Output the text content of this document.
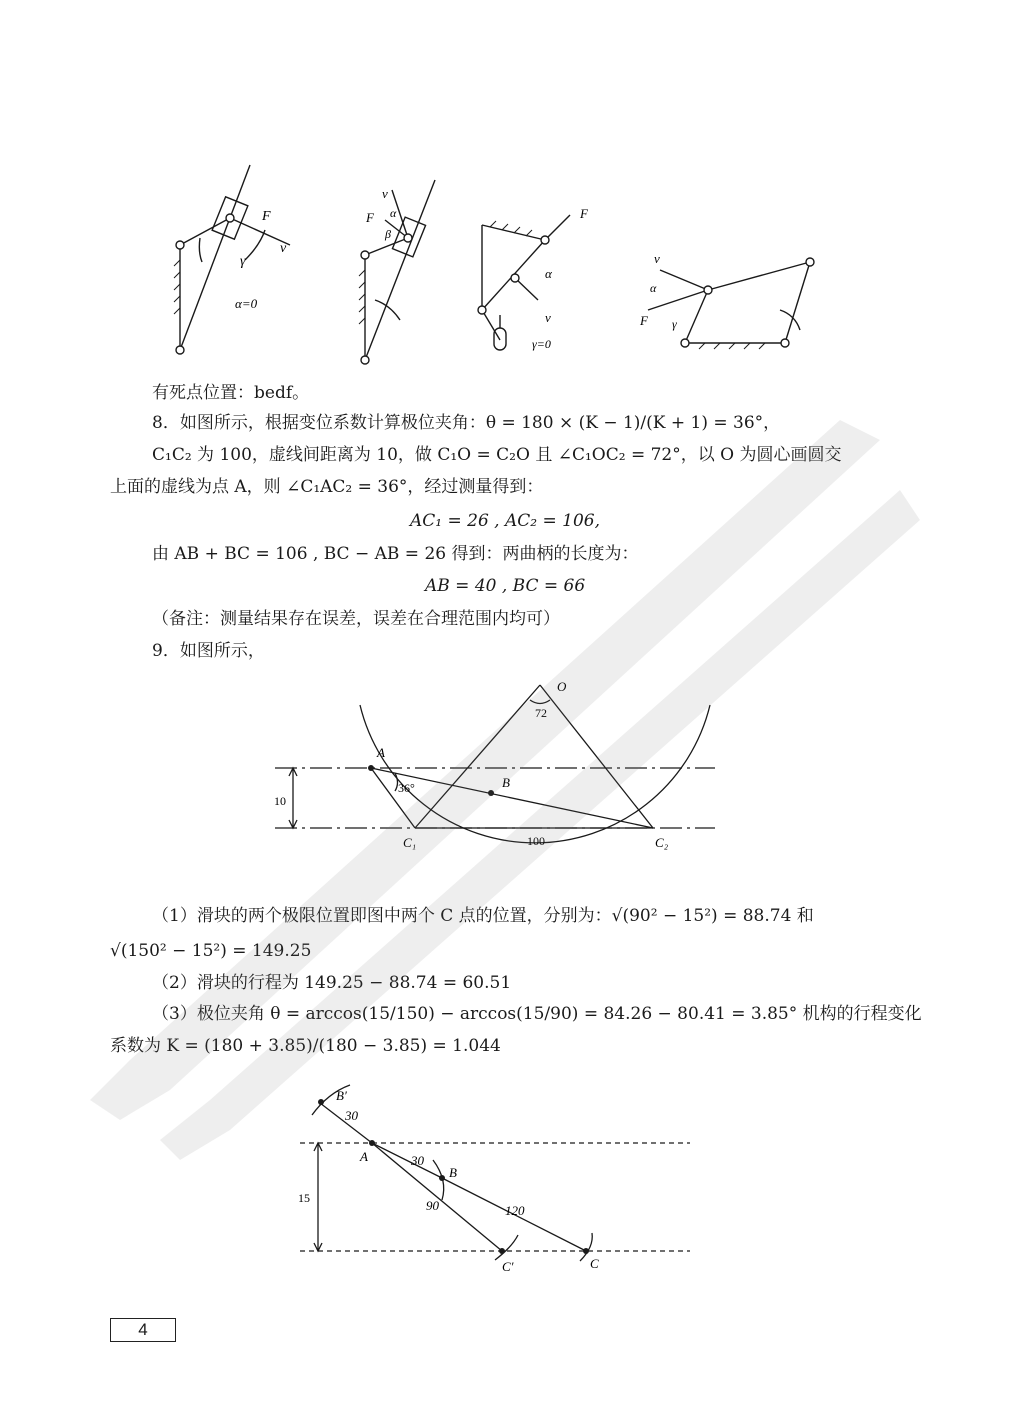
F
v
γ
α=0
v
F α
β
F
α
v
γ=0
v
α
F γ
有死点位置：bedf。
8．如图所示，根据变位系数计算极位夹角：θ = 180 × (K − 1)/(K + 1) = 36°，
C₁C₂ 为 100，虚线间距离为 10，做 C₁O = C₂O 且 ∠C₁OC₂ = 72°，以 O 为圆心画圆交
上面的虚线为点 A，则 ∠C₁AC₂ = 36°，经过测量得到：
AC₁ = 26 , AC₂ = 106,
由 AB + BC = 106 , BC − AB = 26 得到：两曲柄的长度为：
AB = 40 , BC = 66
（备注：测量结果存在误差，误差在合理范围内均可）
9．如图所示，
O
72
A
36°	B
10
C₁	100	C₂
（1）滑块的两个极限位置即图中两个 C 点的位置，分别为：√(90² − 15²) = 88.74 和
√(150² − 15²) = 149.25
（2）滑块的行程为 149.25 − 88.74 = 60.51
（3）极位夹角 θ = arccos(15/150) − arccos(15/90) = 84.26 − 80.41 = 3.85° 机构的行程变化
系数为 K = (180 + 3.85)/(180 − 3.85) = 1.044
B′
30
A	30
B
90	120
15
C′	C
4
